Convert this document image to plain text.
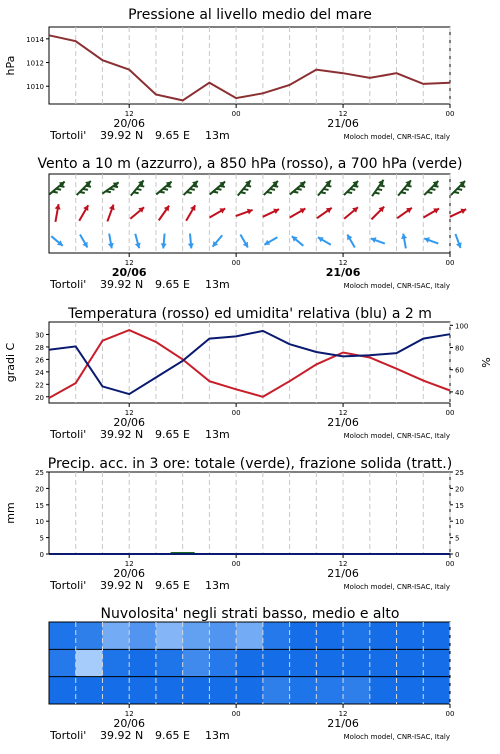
Pressione al livello medio del mare
1010
1012
1014
hPa
12	00	12	00
20/06	21/06
Tortoli' 39.92 N 9.65 E 13m	Moloch model, CNR-ISAC, Italy
Vento a 10 m (azzurro), a 850 hPa (rosso), a 700 hPa (verde)
12	00	12	00
20/06	21/06
Tortoli' 39.92 N 9.65 E 13m	Moloch model, CNR-ISAC, Italy
Temperatura (rosso) ed umidita' relativa (blu) a 2 m
20
22
24
26
28
30
40
60
80
100
gradi C	%
12	00	12	00
20/06	21/06
Tortoli' 39.92 N 9.65 E 13m	Moloch model, CNR-ISAC, Italy
Precip. acc. in 3 ore: totale (verde), frazione solida (tratt.)
0
5
10
15
20
25
0
5
10
15
20
25
mm
12	00	12	00
20/06	21/06
Tortoli' 39.92 N 9.65 E 13m	Moloch model, CNR-ISAC, Italy
Nuvolosita' negli strati basso, medio e alto
12	00	12	00
20/06	21/06
Tortoli' 39.92 N 9.65 E 13m	Moloch model, CNR-ISAC, Italy
